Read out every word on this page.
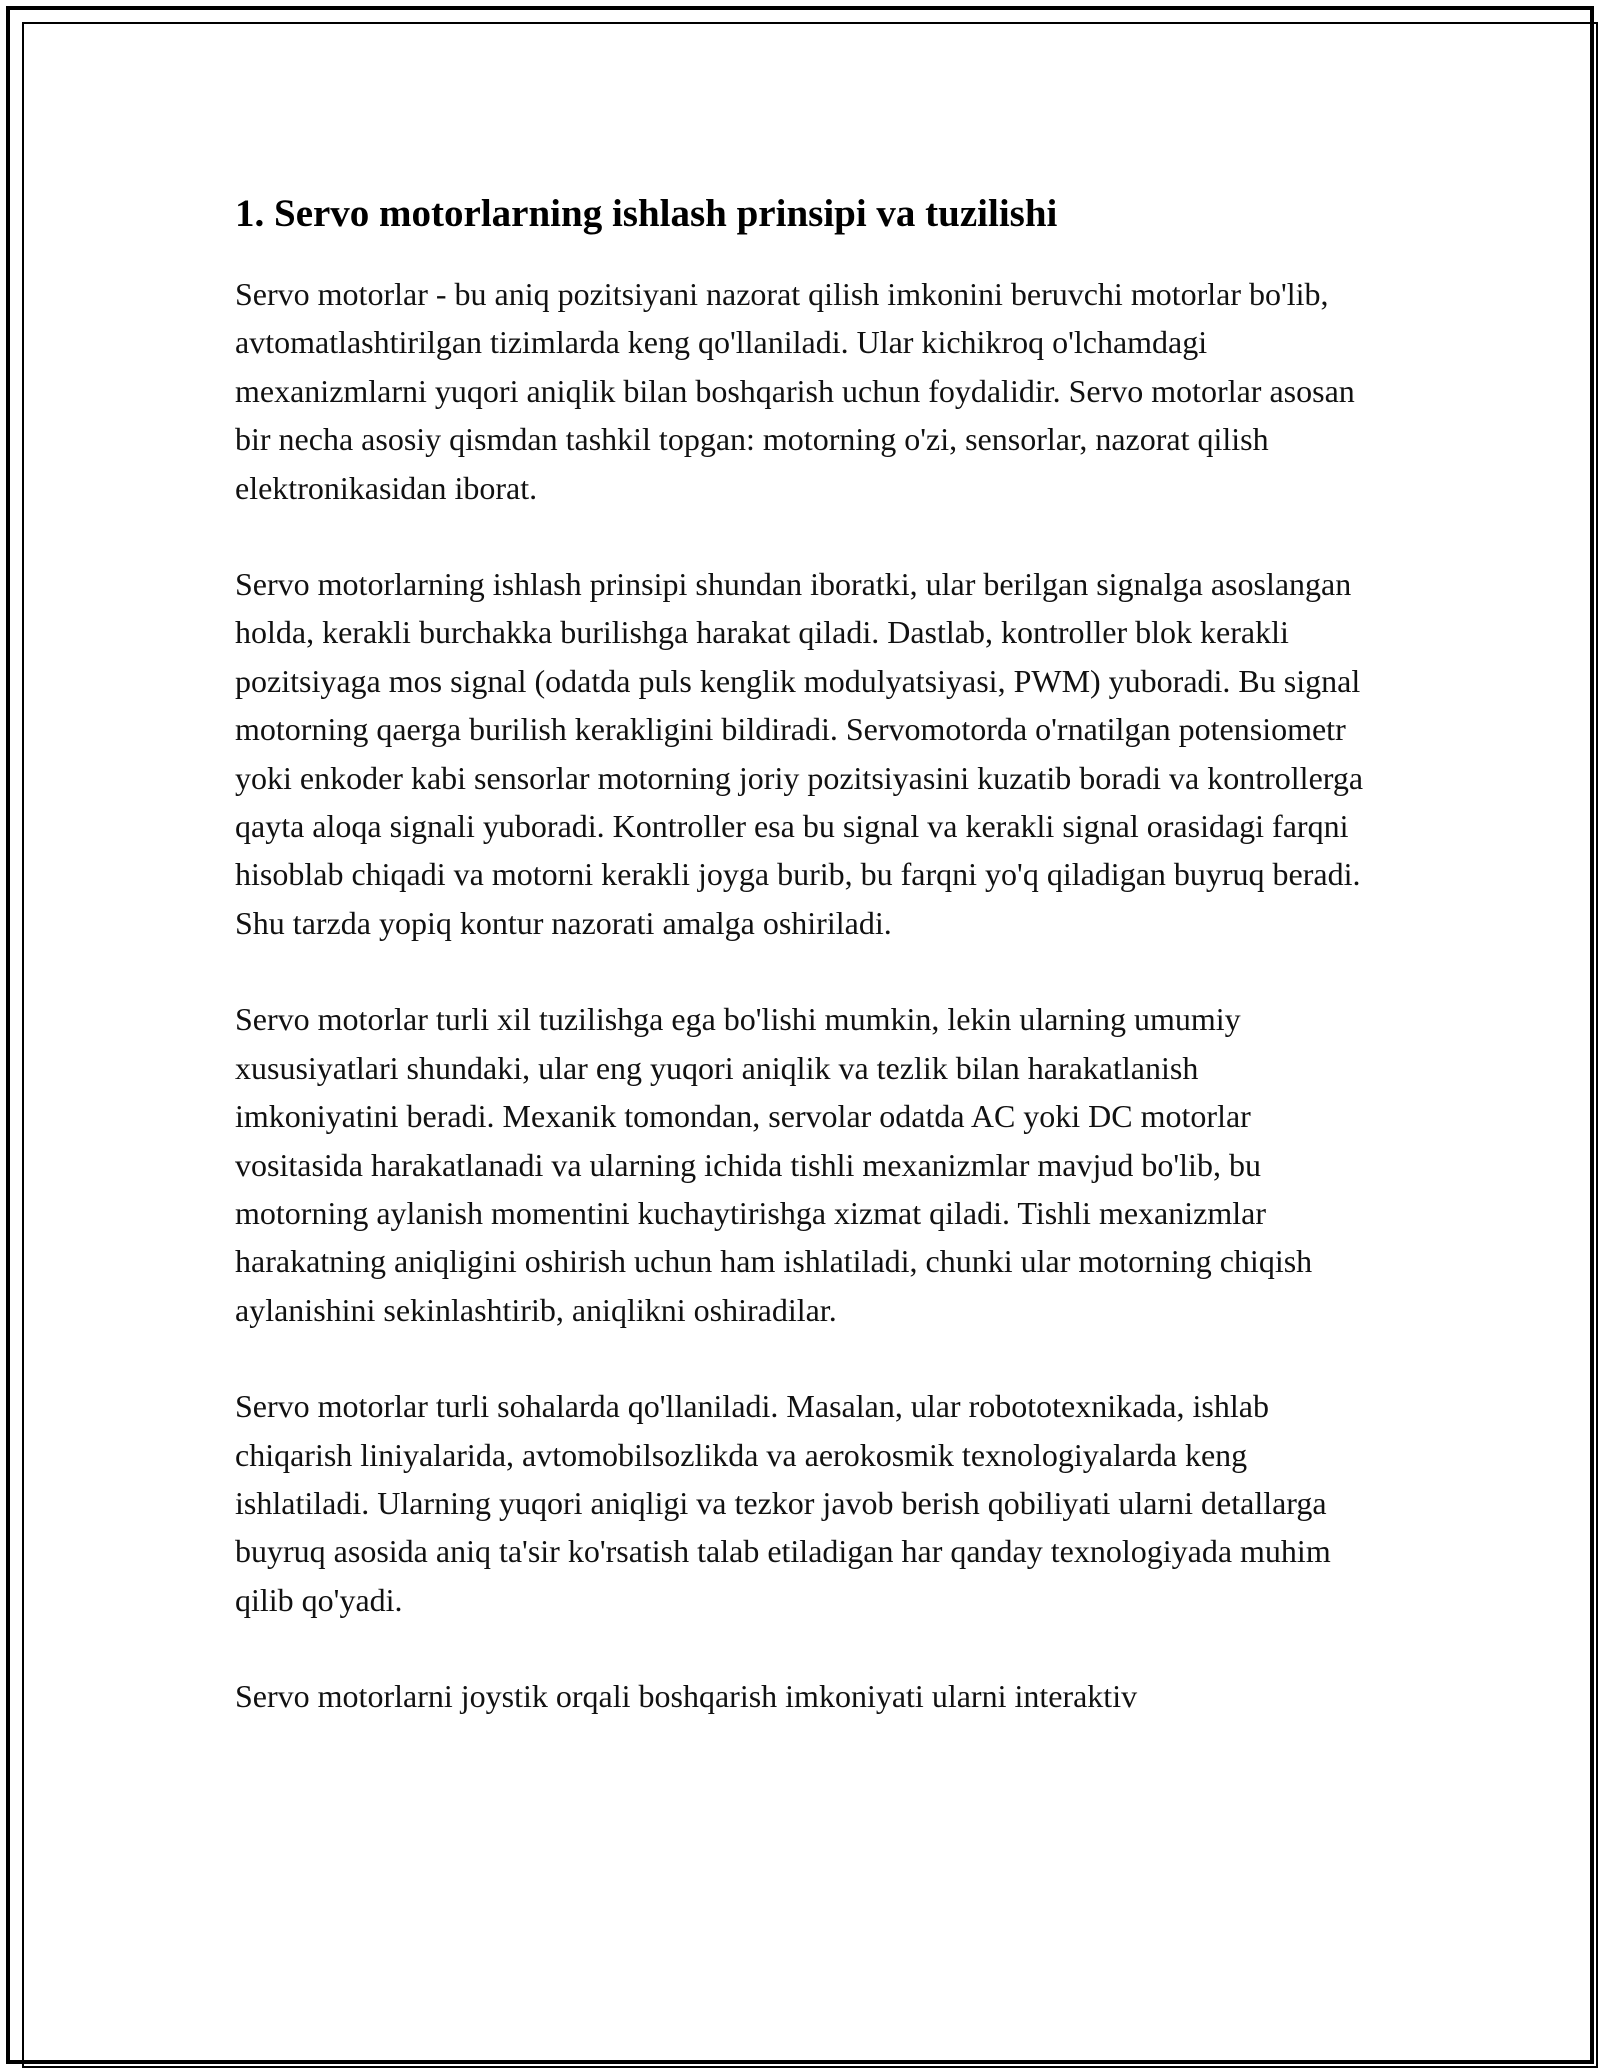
1. Servo motorlarning ishlash prinsipi va tuzilishi

Servo motorlar - bu aniq pozitsiyani nazorat qilish imkonini beruvchi motorlar bo'lib, avtomatlashtirilgan tizimlarda keng qo'llaniladi. Ular kichikroq o'lchamdagi mexanizmlarni yuqori aniqlik bilan boshqarish uchun foydalidir. Servo motorlar asosan bir necha asosiy qismdan tashkil topgan: motorning o'zi, sensorlar, nazorat qilish elektronikasidan iborat.

Servo motorlarning ishlash prinsipi shundan iboratki, ular berilgan signalga asoslangan holda, kerakli burchakka burilishga harakat qiladi. Dastlab, kontroller blok kerakli pozitsiyaga mos signal (odatda puls kenglik modulyatsiyasi, PWM) yuboradi. Bu signal motorning qaerga burilish kerakligini bildiradi. Servomotorda o'rnatilgan potensiometr yoki enkoder kabi sensorlar motorning joriy pozitsiyasini kuzatib boradi va kontrollerga qayta aloqa signali yuboradi. Kontroller esa bu signal va kerakli signal orasidagi farqni hisoblab chiqadi va motorni kerakli joyga burib, bu farqni yo'q qiladigan buyruq beradi. Shu tarzda yopiq kontur nazorati amalga oshiriladi.

Servo motorlar turli xil tuzilishga ega bo'lishi mumkin, lekin ularning umumiy xususiyatlari shundaki, ular eng yuqori aniqlik va tezlik bilan harakatlanish imkoniyatini beradi. Mexanik tomondan, servolar odatda AC yoki DC motorlar vositasida harakatlanadi va ularning ichida tishli mexanizmlar mavjud bo'lib, bu motorning aylanish momentini kuchaytirishga xizmat qiladi. Tishli mexanizmlar harakatning aniqligini oshirish uchun ham ishlatiladi, chunki ular motorning chiqish aylanishini sekinlashtirib, aniqlikni oshiradilar.

Servo motorlar turli sohalarda qo'llaniladi. Masalan, ular robototexnikada, ishlab chiqarish liniyalarida, avtomobilsozlikda va aerokosmik texnologiyalarda keng ishlatiladi. Ularning yuqori aniqligi va tezkor javob berish qobiliyati ularni detallarga buyruq asosida aniq ta'sir ko'rsatish talab etiladigan har qanday texnologiyada muhim qilib qo'yadi.

Servo motorlarni joystik orqali boshqarish imkoniyati ularni interaktiv
